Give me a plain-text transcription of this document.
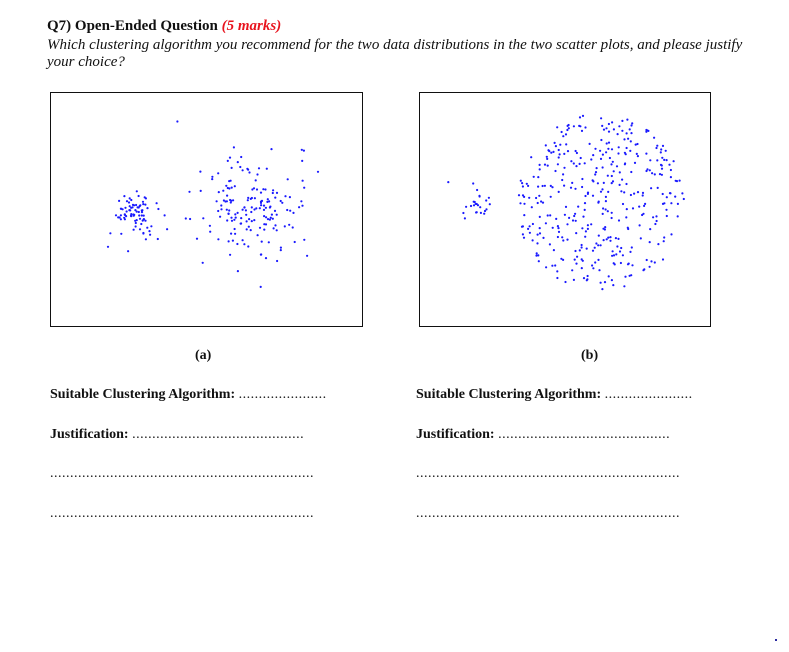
Q7) Open-Ended Question (5 marks)
Which clustering algorithm you recommend for the two data distributions in the two scatter plots, and please justify your choice?
(a)	(b)
Suitable Clustering Algorithm: ......................	Suitable Clustering Algorithm: ......................
Justification: ...........................................	Justification: ...........................................
..................................................................	..................................................................
..................................................................	..................................................................
